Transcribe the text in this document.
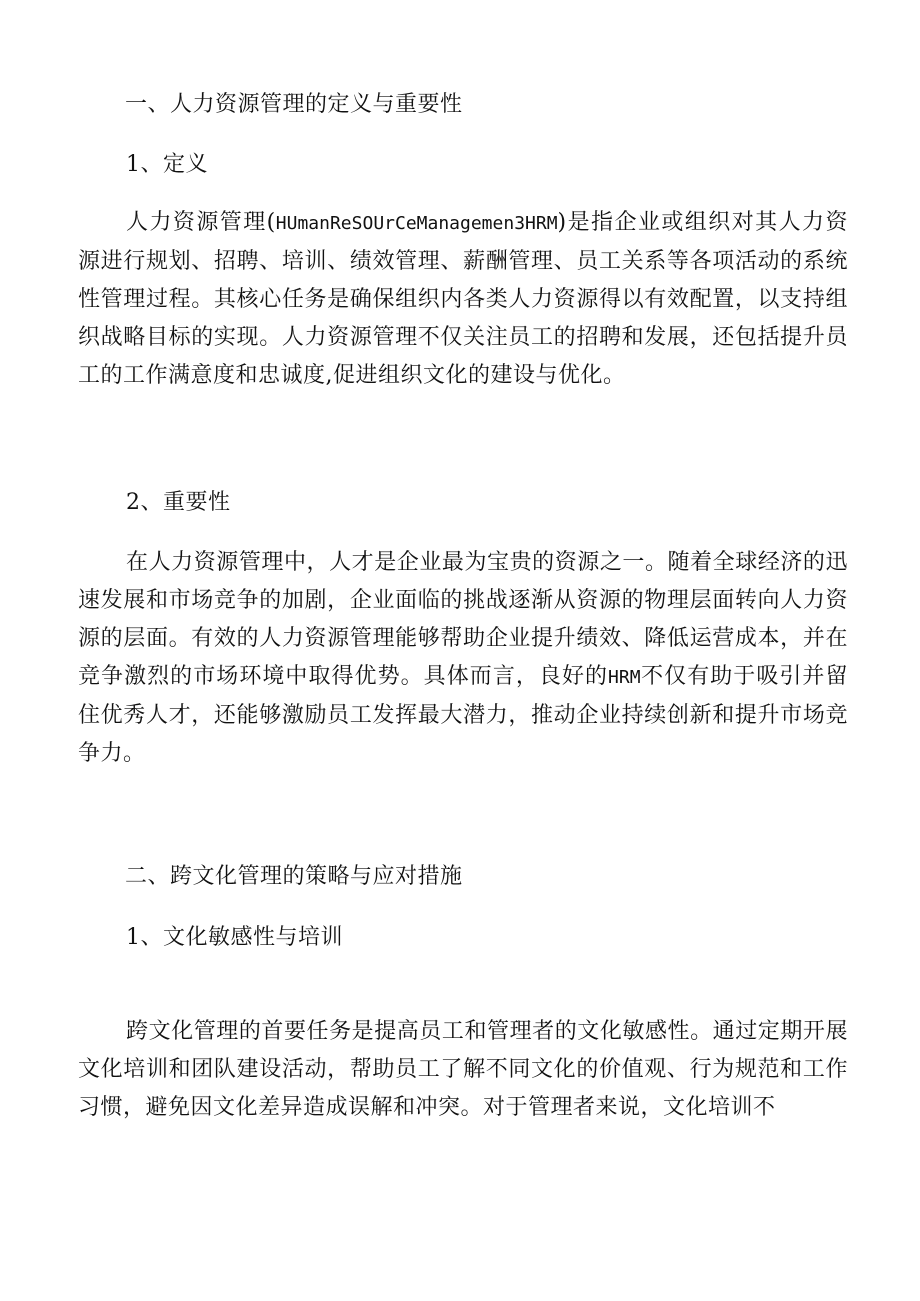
一、人力资源管理的定义与重要性
1、定义

人力资源管理(HUmanReSOUrCeManagemen3HRM)是指企业或组织对其人力资源进行规划、招聘、培训、绩效管理、薪酬管理、员工关系等各项活动的系统性管理过程。其核心任务是确保组织内各类人力资源得以有效配置，以支持组织战略目标的实现。人力资源管理不仅关注员工的招聘和发展，还包括提升员工的工作满意度和忠诚度,促进组织文化的建设与优化。

2、重要性

在人力资源管理中，人才是企业最为宝贵的资源之一。随着全球经济的迅速发展和市场竞争的加剧，企业面临的挑战逐渐从资源的物理层面转向人力资源的层面。有效的人力资源管理能够帮助企业提升绩效、降低运营成本，并在竞争激烈的市场环境中取得优势。具体而言，良好的HRM不仅有助于吸引并留住优秀人才，还能够激励员工发挥最大潜力，推动企业持续创新和提升市场竞争力。

二、跨文化管理的策略与应对措施
1、文化敏感性与培训

跨文化管理的首要任务是提高员工和管理者的文化敏感性。通过定期开展文化培训和团队建设活动，帮助员工了解不同文化的价值观、行为规范和工作习惯，避免因文化差异造成误解和冲突。对于管理者来说，文化培训不
